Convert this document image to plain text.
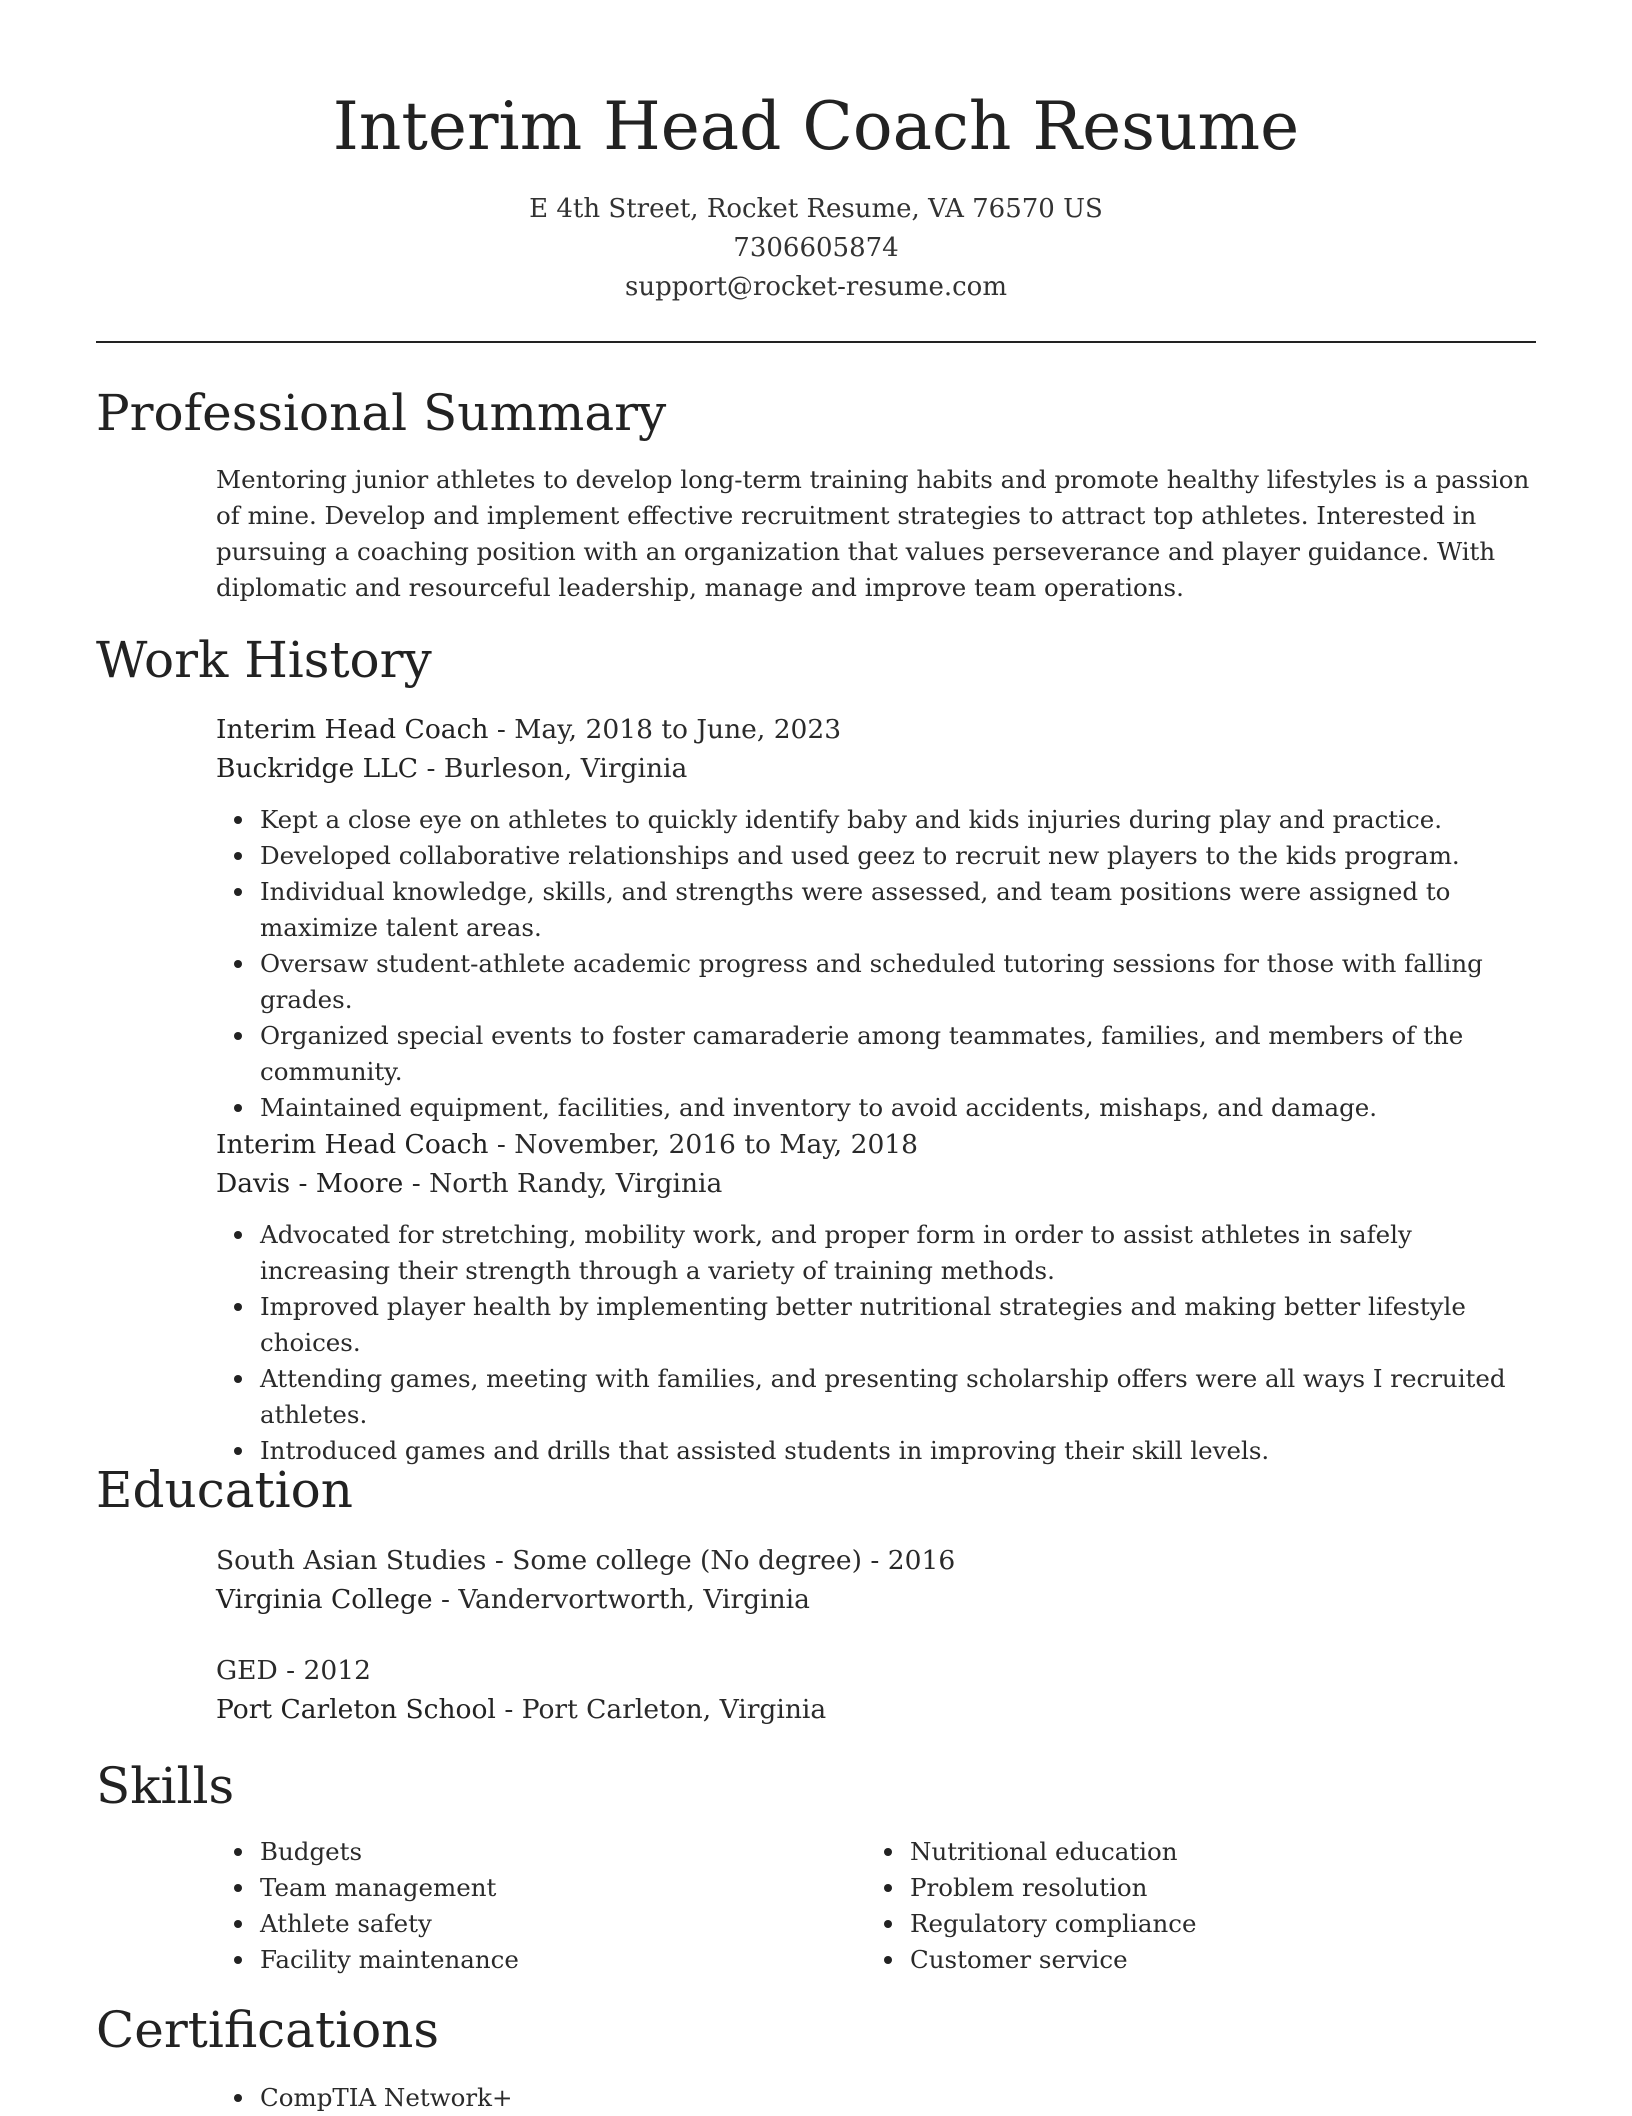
Interim Head Coach Resume
E 4th Street, Rocket Resume, VA 76570 US
7306605874
support@rocket-resume.com
Professional Summary
Mentoring junior athletes to develop long-term training habits and promote healthy lifestyles is a passion of mine. Develop and implement effective recruitment strategies to attract top athletes. Interested in pursuing a coaching position with an organization that values perseverance and player guidance. With diplomatic and resourceful leadership, manage and improve team operations.
Work History
Interim Head Coach - May, 2018 to June, 2023
Buckridge LLC - Burleson, Virginia
Kept a close eye on athletes to quickly identify baby and kids injuries during play and practice.
Developed collaborative relationships and used geez to recruit new players to the kids program.
Individual knowledge, skills, and strengths were assessed, and team positions were assigned to maximize talent areas.
Oversaw student-athlete academic progress and scheduled tutoring sessions for those with falling grades.
Organized special events to foster camaraderie among teammates, families, and members of the community.
Maintained equipment, facilities, and inventory to avoid accidents, mishaps, and damage.
Interim Head Coach - November, 2016 to May, 2018
Davis - Moore - North Randy, Virginia
Advocated for stretching, mobility work, and proper form in order to assist athletes in safely increasing their strength through a variety of training methods.
Improved player health by implementing better nutritional strategies and making better lifestyle choices.
Attending games, meeting with families, and presenting scholarship offers were all ways I recruited athletes.
Introduced games and drills that assisted students in improving their skill levels.
Education
South Asian Studies - Some college (No degree) - 2016
Virginia College - Vandervortworth, Virginia
GED - 2012
Port Carleton School - Port Carleton, Virginia
Skills
Budgets
Team management
Athlete safety
Facility maintenance
Nutritional education
Problem resolution
Regulatory compliance
Customer service
Certifications
CompTIA Network+
